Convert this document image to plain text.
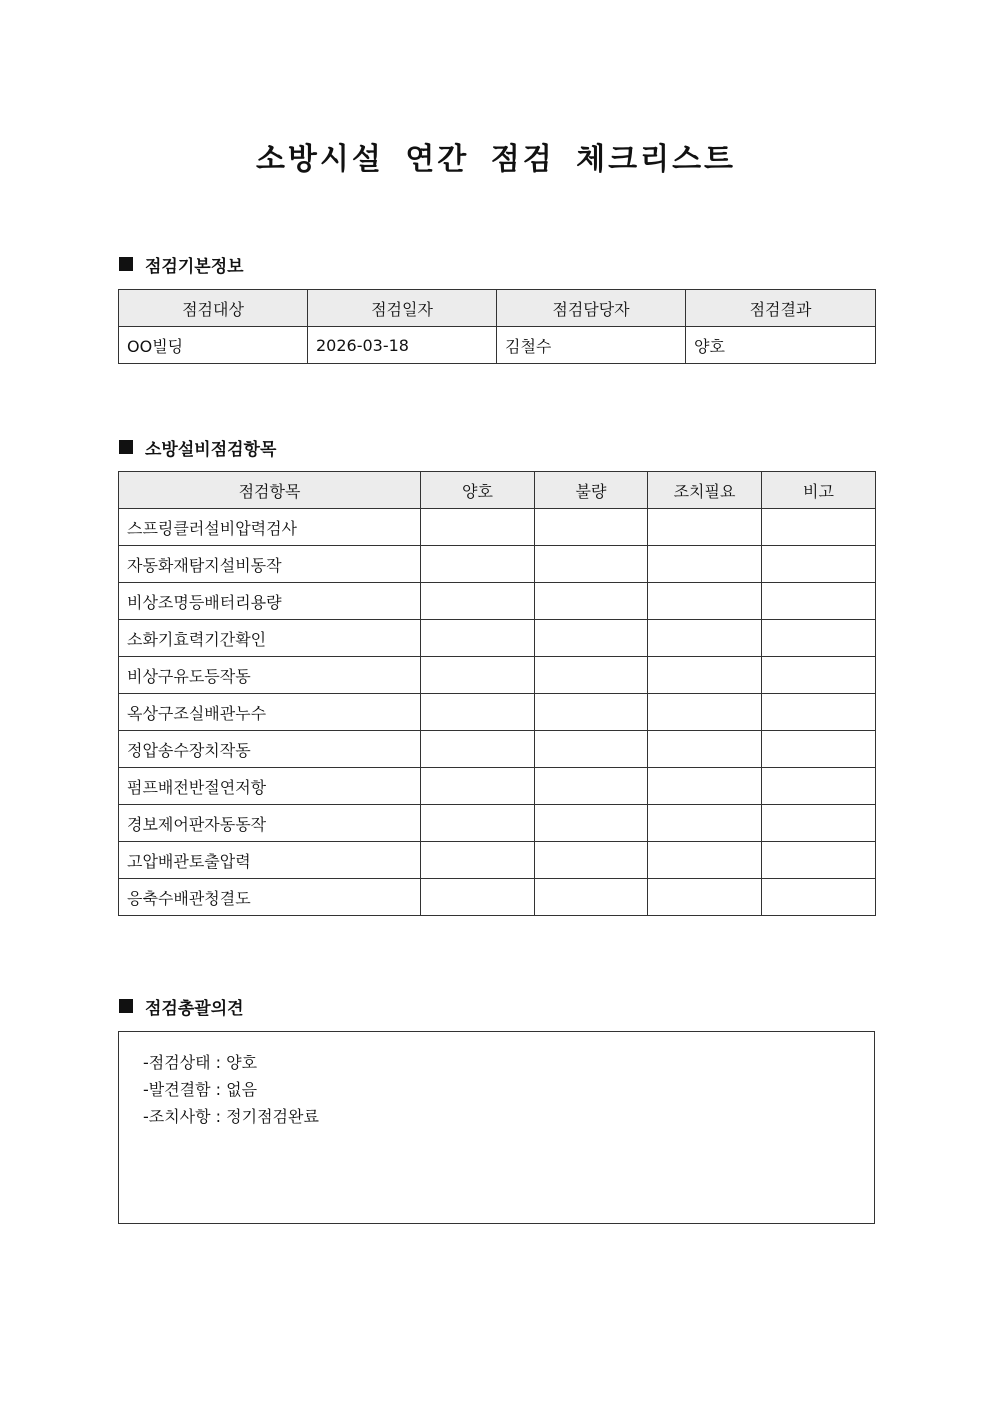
소방시설 연간 점검 체크리스트
점검기본정보
점검대상	점검일자	점검담당자	점검결과
OO빌딩	2026-03-18	김철수	양호
소방설비점검항목
점검항목	양호	불량	조치필요	비고
스프링클러설비압력검사				
자동화재탐지설비동작				
비상조명등배터리용량				
소화기효력기간확인				
비상구유도등작동				
옥상구조실배관누수				
정압송수장치작동				
펌프배전반절연저항				
경보제어판자동동작				
고압배관토출압력				
응축수배관청결도				
점검총괄의견
-점검상태 : 양호
-발견결함 : 없음
-조치사항 : 정기점검완료
